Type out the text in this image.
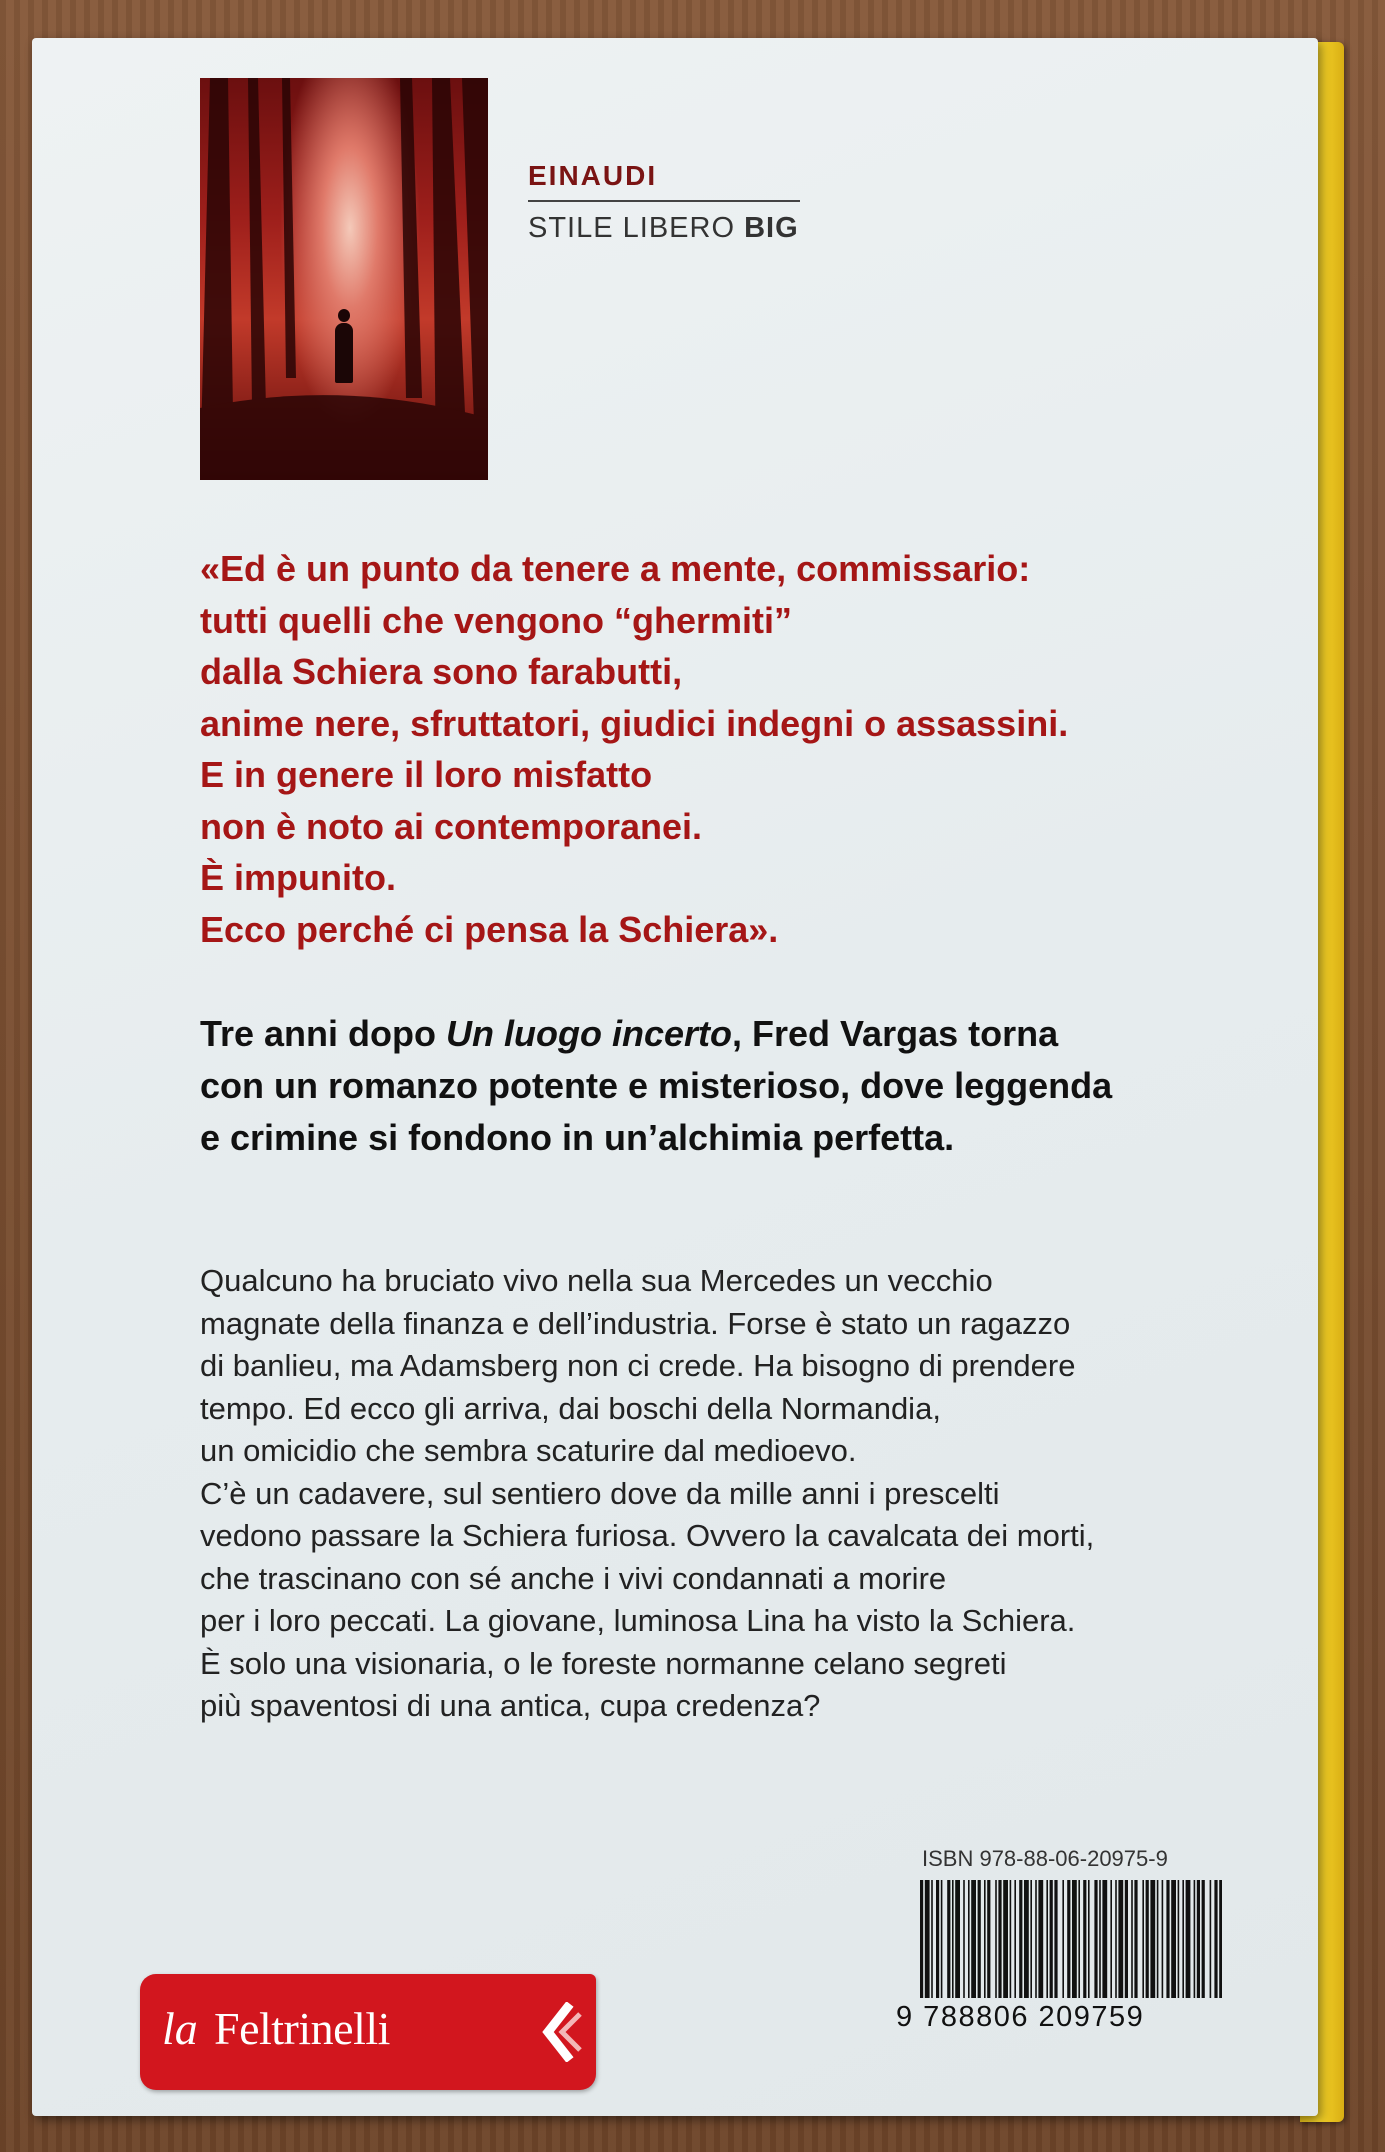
EINAUDI
STILE LIBERO BIG
«Ed è un punto da tenere a mente, commissario:
tutti quelli che vengono “ghermiti”
dalla Schiera sono farabutti,
anime nere, sfruttatori, giudici indegni o assassini.
E in genere il loro misfatto
non è noto ai contemporanei.
È impunito.
Ecco perché ci pensa la Schiera».
Tre anni dopo Un luogo incerto, Fred Vargas torna
con un romanzo potente e misterioso, dove leggenda
e crimine si fondono in un’alchimia perfetta.
Qualcuno ha bruciato vivo nella sua Mercedes un vecchio
magnate della finanza e dell’industria. Forse è stato un ragazzo
di banlieu, ma Adamsberg non ci crede. Ha bisogno di prendere
tempo. Ed ecco gli arriva, dai boschi della Normandia,
un omicidio che sembra scaturire dal medioevo.
C’è un cadavere, sul sentiero dove da mille anni i prescelti
vedono passare la Schiera furiosa. Ovvero la cavalcata dei morti,
che trascinano con sé anche i vivi condannati a morire
per i loro peccati. La giovane, luminosa Lina ha visto la Schiera.
È solo una visionaria, o le foreste normanne celano segreti
più spaventosi di una antica, cupa credenza?
ISBN 978-88-06-20975-9
9 788806 209759
la Feltrinelli
